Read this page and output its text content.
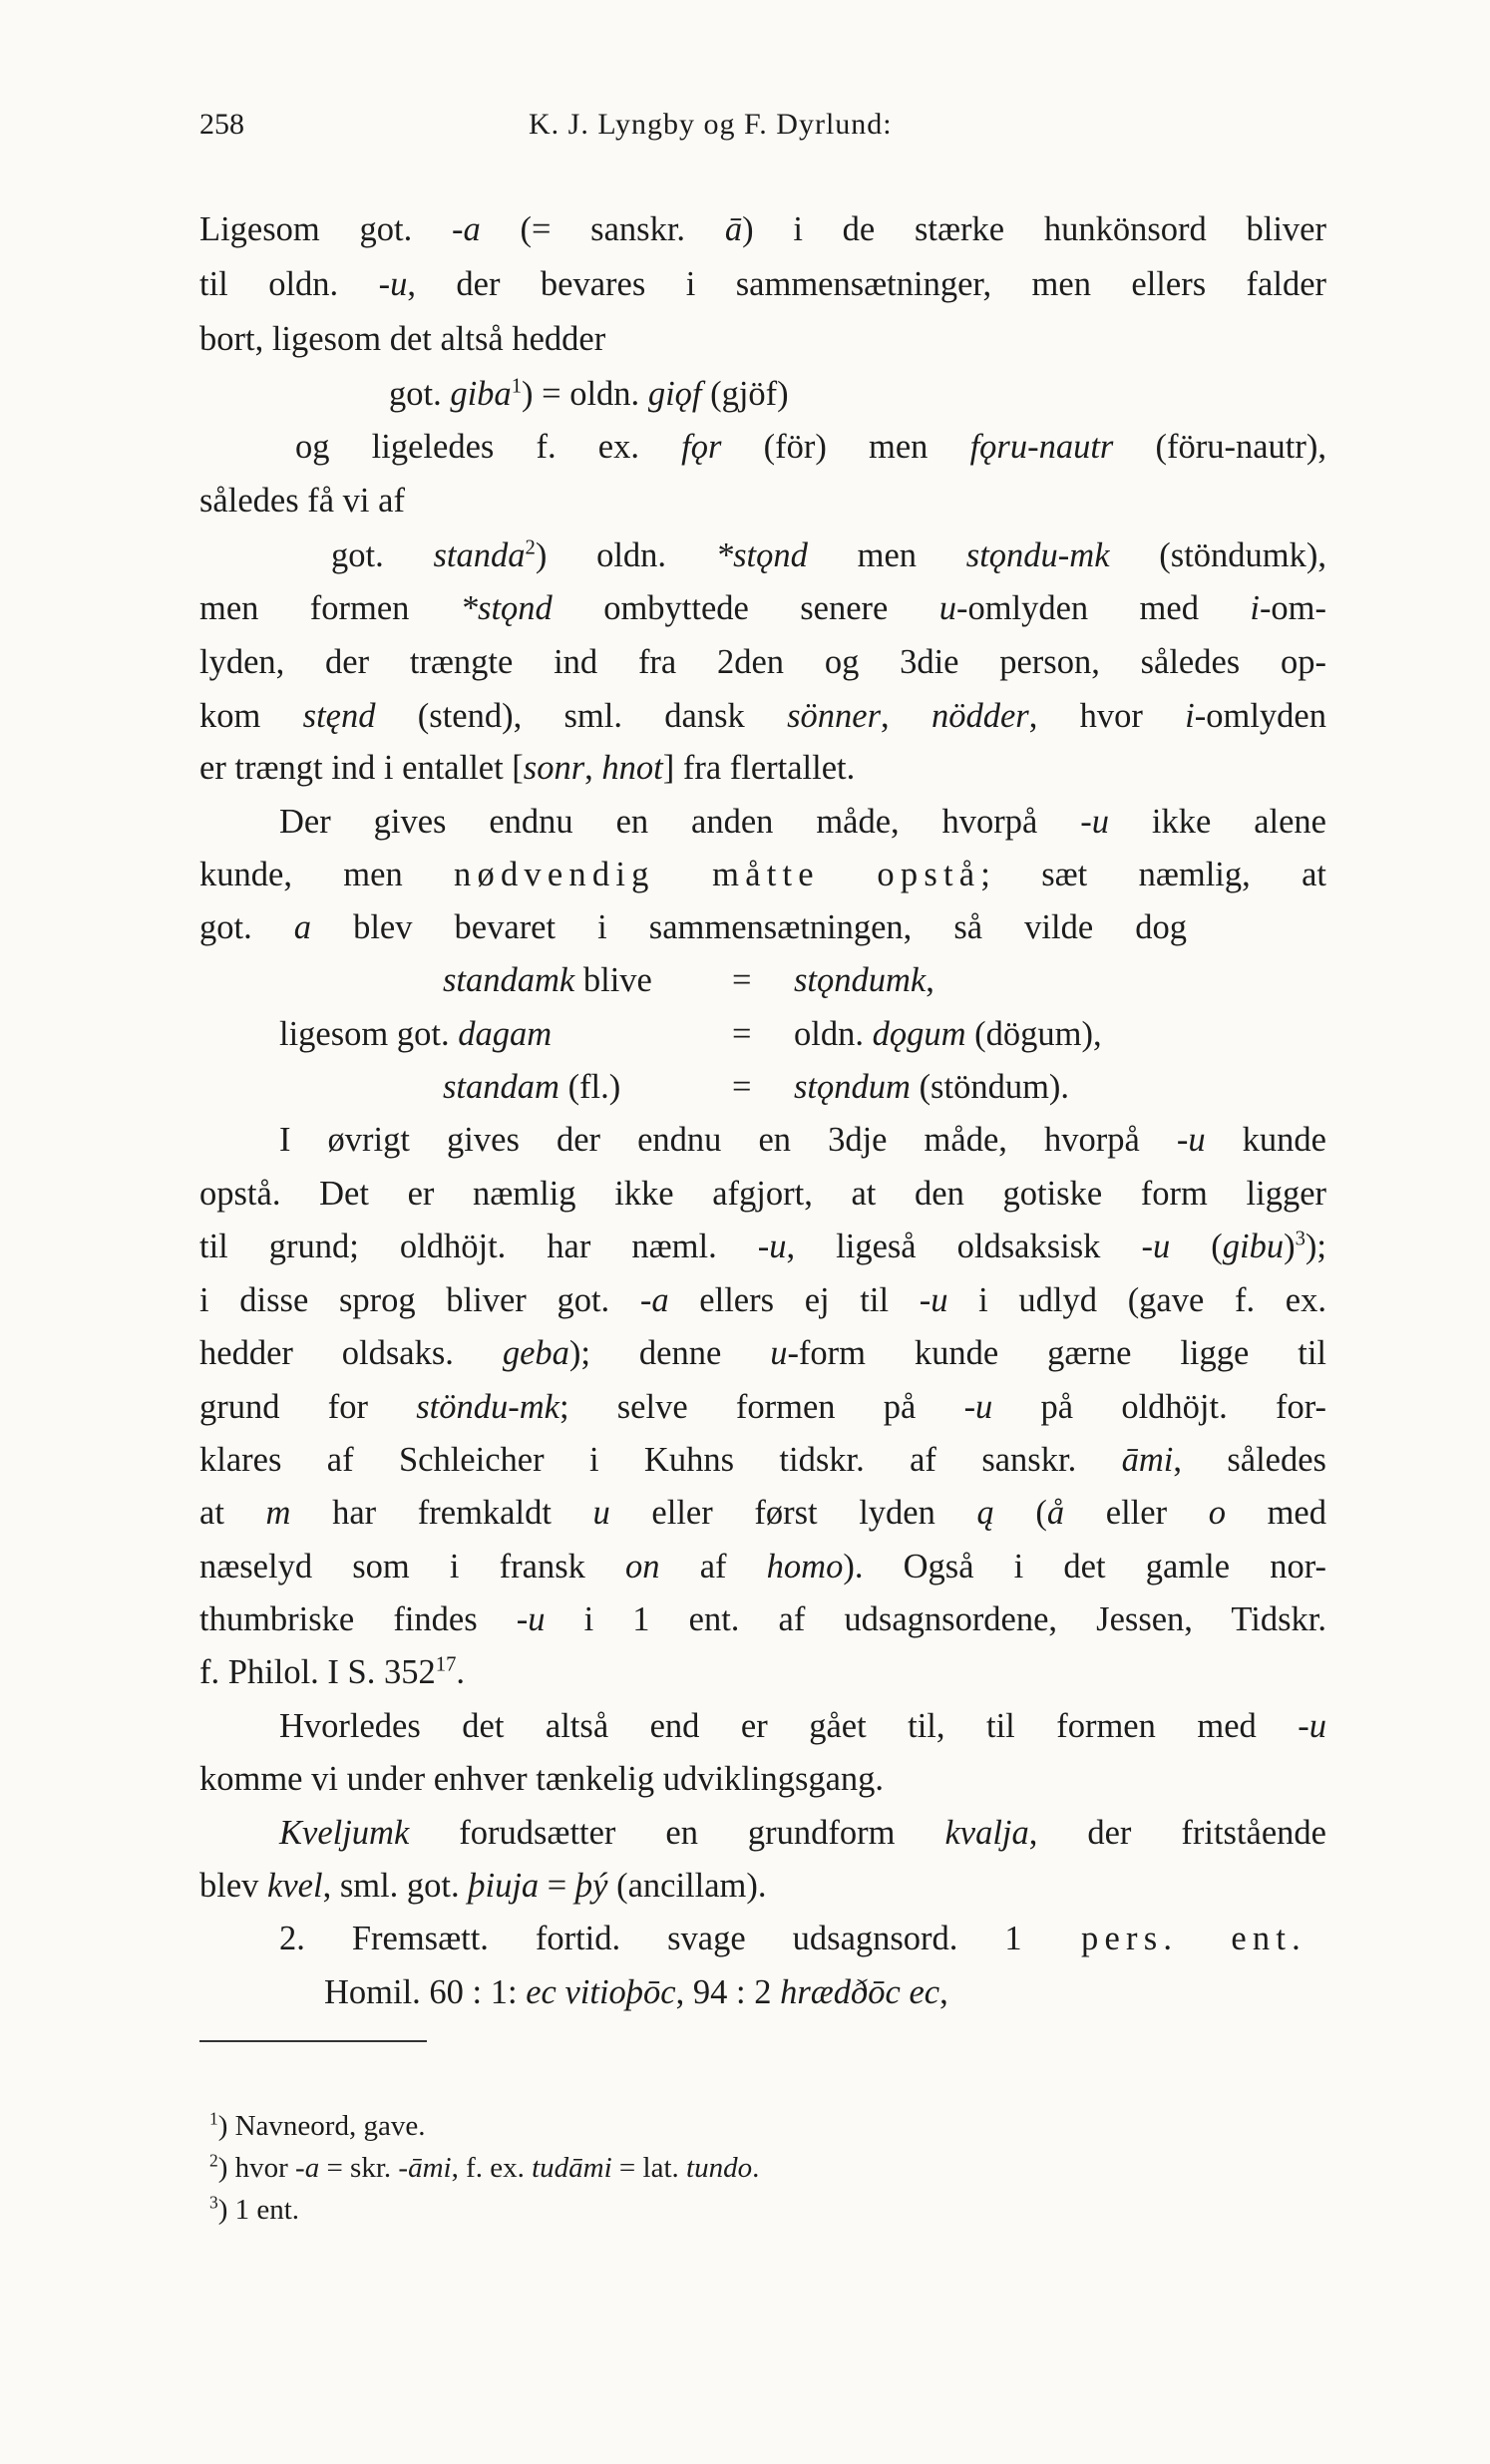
258	K. J. Lyngby og F. Dyrlund:
Ligesom got. -a (= sanskr. ā) i de stærke hunkönsord bliver
til oldn. -u, der bevares i sammensætninger, men ellers falder
bort, ligesom det altså hedder
got. giba$^1$) = oldn. giǫf (gjöf)
og ligeledes f. ex. fǫr (för) men fǫru-nautr (föru-nautr),
således få vi af
got. standa$^2$) oldn. *stǫnd men stǫndu-mk (stöndumk),
men formen *stǫnd ombyttede senere u-omlyden med i-om-
lyden, der trængte ind fra 2den og 3die person, således op-
kom stęnd (stend), sml. dansk sönner, nödder, hvor i-omlyden
er trængt ind i entallet [sonr, hnot] fra flertallet.
Der gives endnu en anden måde, hvorpå -u ikke alene
kunde, men nødvendig måtte opstå; sæt næmlig, at
got. a blev bevaret i sammensætningen, så vilde dog
standamk blive	=	stǫndumk,
ligesom got. dagam	=	oldn. dǫgum (dögum),
standam (fl.)	=	stǫndum (stöndum).
I øvrigt gives der endnu en 3dje måde, hvorpå -u kunde
opstå. Det er næmlig ikke afgjort, at den gotiske form ligger
til grund; oldhöjt. har næml. -u, ligeså oldsaksisk -u (gibu)$^3$);
i disse sprog bliver got. -a ellers ej til -u i udlyd (gave f. ex.
hedder oldsaks. geba); denne u-form kunde gærne ligge til
grund for stöndu-mk; selve formen på -u på oldhöjt. for-
klares af Schleicher i Kuhns tidskr. af sanskr. āmi, således
at m har fremkaldt u eller først lyden ą (å eller o med
næselyd som i fransk on af homo). Også i det gamle nor-
thumbriske findes -u i 1 ent. af udsagnsordene, Jessen, Tidskr.
f. Philol. I S. $352^{17}$.
Hvorledes det altså end er gået til, til formen med -u
komme vi under enhver tænkelig udviklingsgang.
Kveljumk forudsætter en grundform kvalja, der fritstående
blev kvel, sml. got. þiuja = þý (ancillam).
2. Fremsætt. fortid. svage udsagnsord. 1 pers. ent.
Homil. 60 : 1: ec vitioþōc, 94 : 2 hrædðōc ec,
$^1$) Navneord, gave.
$^2$) hvor -a = skr. -āmi, f. ex. tudāmi = lat. tundo.
$^3$) 1 ent.
